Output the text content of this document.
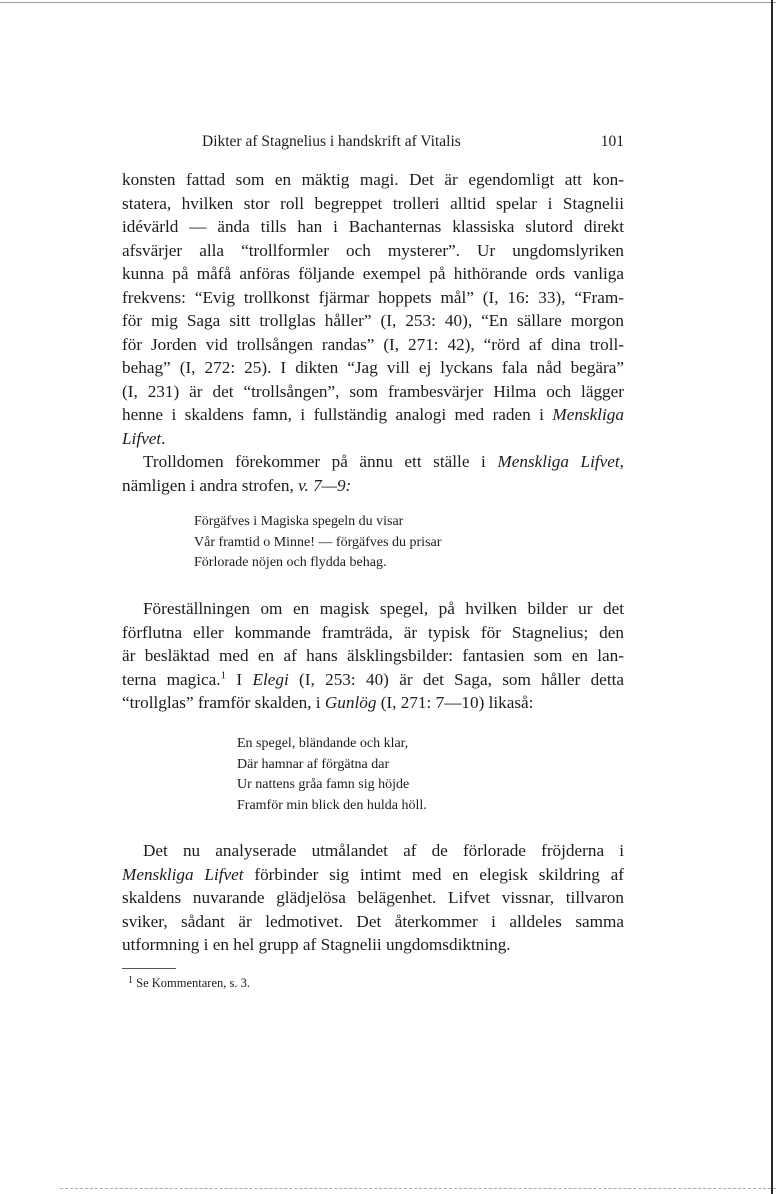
Dikter af Stagnelius i handskrift af Vitalis	101
konsten fattad som en mäktig magi. Det är egendomligt att kon-
statera, hvilken stor roll begreppet trolleri alltid spelar i Stagnelii
idévärld — ända tills han i Bachanternas klassiska slutord direkt
afsvärjer alla “trollformler och mysterer”. Ur ungdomslyriken
kunna på måfå anföras följande exempel på hithörande ords vanliga
frekvens: “Evig trollkonst fjärmar hoppets mål” (I, 16: 33), “Fram-
för mig Saga sitt trollglas håller” (I, 253: 40), “En sällare morgon
för Jorden vid trollsången randas” (I, 271: 42), “rörd af dina troll-
behag” (I, 272: 25). I dikten “Jag vill ej lyckans fala nåd begära”
(I, 231) är det “trollsången”, som frambesvärjer Hilma och lägger
henne i skaldens famn, i fullständig analogi med raden i Menskliga
Lifvet.
Trolldomen förekommer på ännu ett ställe i Menskliga Lifvet,
nämligen i andra strofen, v. 7—9:
Förgäfves i Magiska spegeln du visar
Vår framtid o Minne! — förgäfves du prisar
Förlorade nöjen och flydda behag.
Föreställningen om en magisk spegel, på hvilken bilder ur det
förflutna eller kommande framträda, är typisk för Stagnelius; den
är besläktad med en af hans älsklingsbilder: fantasien som en lan-
terna magica.$^1$ I Elegi (I, 253: 40) är det Saga, som håller detta
“trollglas” framför skalden, i Gunlög (I, 271: 7—10) likaså:
En spegel, bländande och klar,
Där hamnar af förgätna dar
Ur nattens gråa famn sig höjde
Framför min blick den hulda höll.
Det nu analyserade utmålandet af de förlorade fröjderna i
Menskliga Lifvet förbinder sig intimt med en elegisk skildring af
skaldens nuvarande glädjelösa belägenhet. Lifvet vissnar, tillvaron
sviker, sådant är ledmotivet. Det återkommer i alldeles samma
utformning i en hel grupp af Stagnelii ungdomsdiktning.
$^1$ Se Kommentaren, s. 3.
